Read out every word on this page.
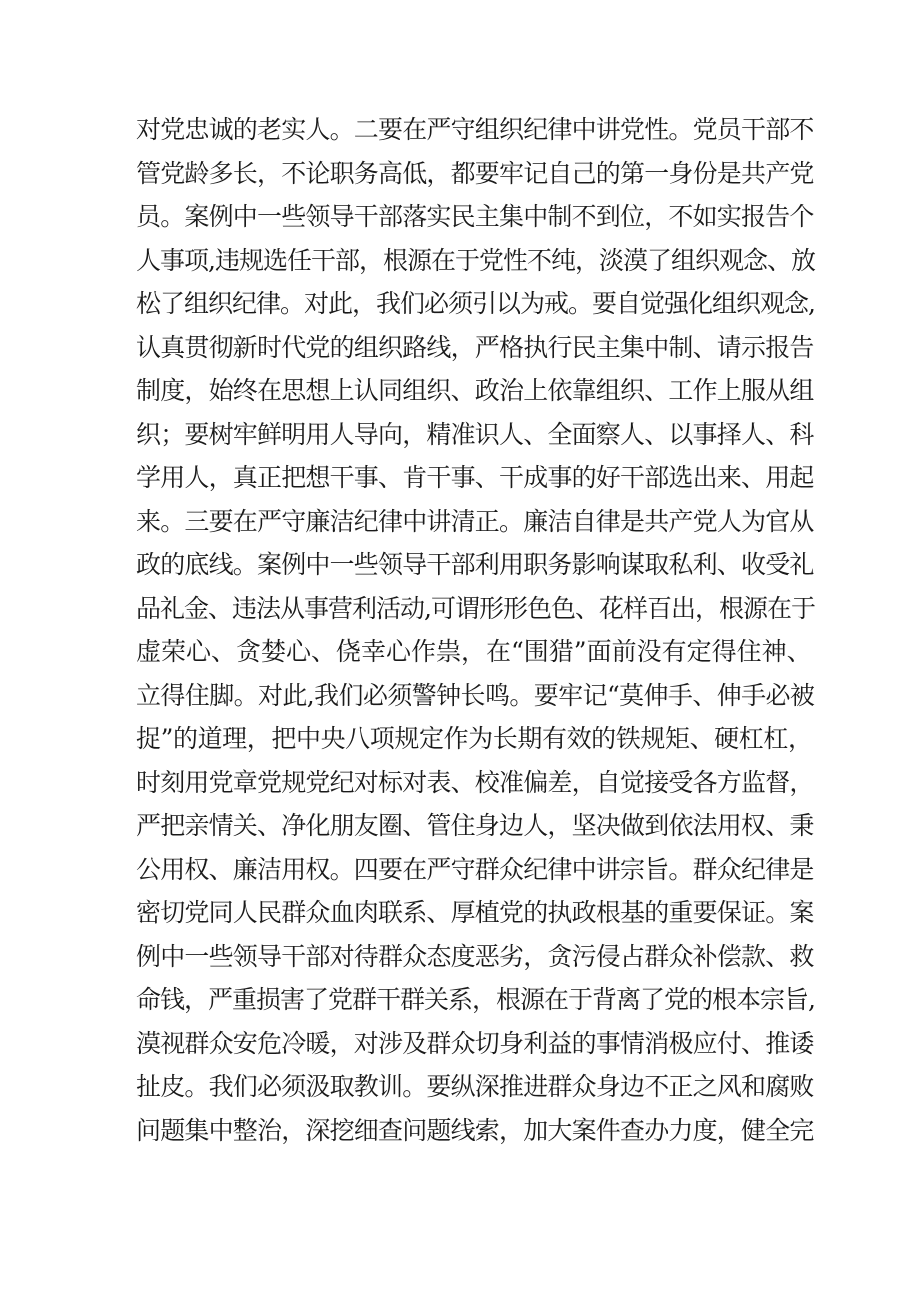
对党忠诚的老实人。二要在严守组织纪律中讲党性。党员干部不
管党龄多长，不论职务高低，都要牢记自己的第一身份是共产党
员。案例中一些领导干部落实民主集中制不到位，不如实报告个
人事项,违规选任干部，根源在于党性不纯，淡漠了组织观念、放
松了组织纪律。对此，我们必须引以为戒。要自觉强化组织观念,
认真贯彻新时代党的组织路线，严格执行民主集中制、请示报告
制度，始终在思想上认同组织、政治上依靠组织、工作上服从组
织；要树牢鲜明用人导向，精准识人、全面察人、以事择人、科
学用人，真正把想干事、肯干事、干成事的好干部选出来、用起
来。三要在严守廉洁纪律中讲清正。廉洁自律是共产党人为官从
政的底线。案例中一些领导干部利用职务影响谋取私利、收受礼
品礼金、违法从事营利活动,可谓形形色色、花样百出，根源在于
虚荣心、贪婪心、侥幸心作祟，在“围猎”面前没有定得住神、
立得住脚。对此,我们必须警钟长鸣。要牢记“莫伸手、伸手必被
捉”的道理，把中央八项规定作为长期有效的铁规矩、硬杠杠，
时刻用党章党规党纪对标对表、校准偏差，自觉接受各方监督，
严把亲情关、净化朋友圈、管住身边人，坚决做到依法用权、秉
公用权、廉洁用权。四要在严守群众纪律中讲宗旨。群众纪律是
密切党同人民群众血肉联系、厚植党的执政根基的重要保证。案
例中一些领导干部对待群众态度恶劣，贪污侵占群众补偿款、救
命钱，严重损害了党群干群关系，根源在于背离了党的根本宗旨,
漠视群众安危冷暖，对涉及群众切身利益的事情消极应付、推诿
扯皮。我们必须汲取教训。要纵深推进群众身边不正之风和腐败
问题集中整治，深挖细查问题线索，加大案件查办力度，健全完
